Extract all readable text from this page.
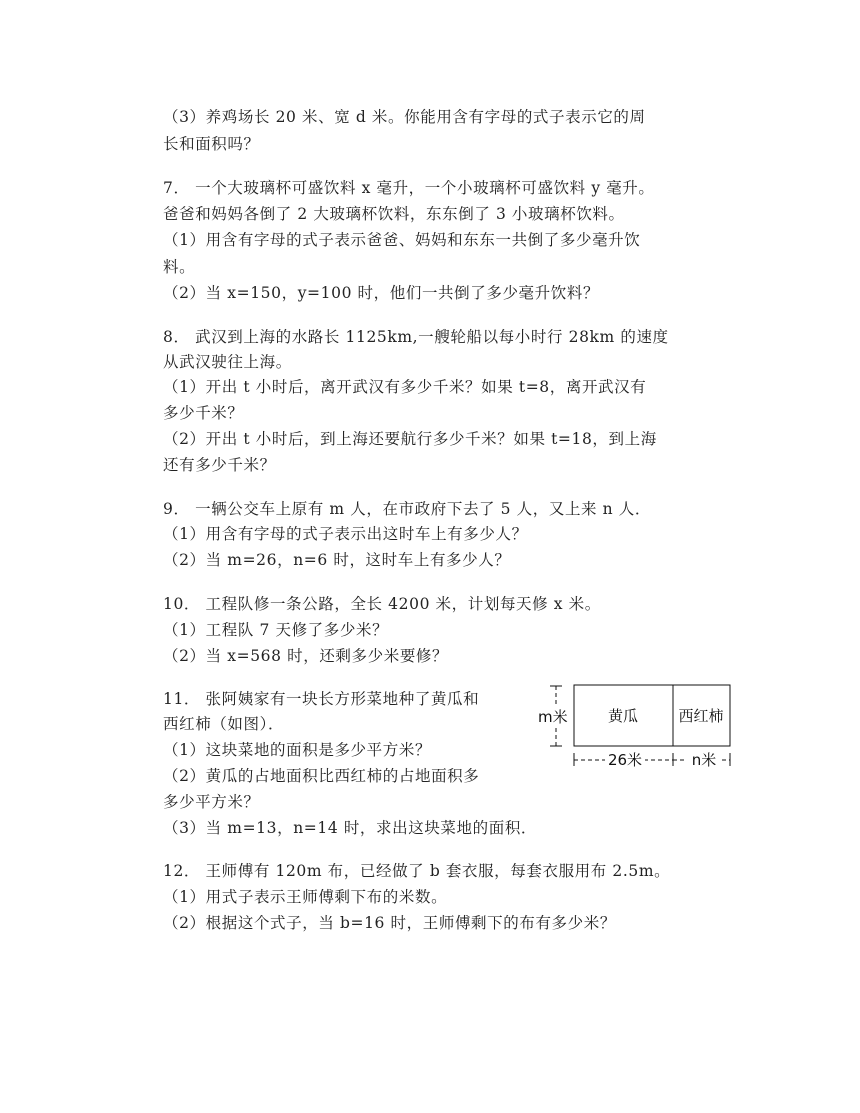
（3）养鸡场长 20 米、宽 d 米。你能用含有字母的式子表示它的周
长和面积吗？
7． 一个大玻璃杯可盛饮料 x 毫升，一个小玻璃杯可盛饮料 y 毫升。
爸爸和妈妈各倒了 2 大玻璃杯饮料，东东倒了 3 小玻璃杯饮料。
（1）用含有字母的式子表示爸爸、妈妈和东东一共倒了多少毫升饮
料。
（2）当 x=150，y=100 时，他们一共倒了多少毫升饮料？
8． 武汉到上海的水路长 1125km,一艘轮船以每小时行 28km 的速度
从武汉驶往上海。
（1）开出 t 小时后，离开武汉有多少千米？如果 t=8，离开武汉有
多少千米？
（2）开出 t 小时后，到上海还要航行多少千米？如果 t=18，到上海
还有多少千米？
9． 一辆公交车上原有 m 人，在市政府下去了 5 人，又上来 n 人．
（1）用含有字母的式子表示出这时车上有多少人？
（2）当 m=26，n=6 时，这时车上有多少人？
10． 工程队修一条公路，全长 4200 米，计划每天修 x 米。
（1）工程队 7 天修了多少米？
（2）当 x=568 时，还剩多少米要修？
11． 张阿姨家有一块长方形菜地种了黄瓜和
西红柿（如图）．
（1）这块菜地的面积是多少平方米？
（2）黄瓜的占地面积比西红柿的占地面积多
多少平方米？
（3）当 m=13，n=14 时，求出这块菜地的面积．
12． 王师傅有 120m 布，已经做了 b 套衣服，每套衣服用布 2.5m。
（1）用式子表示王师傅剩下布的米数。
（2）根据这个式子，当 b=16 时，王师傅剩下的布有多少米？
m米	黄瓜	西红柿
26米	n米
